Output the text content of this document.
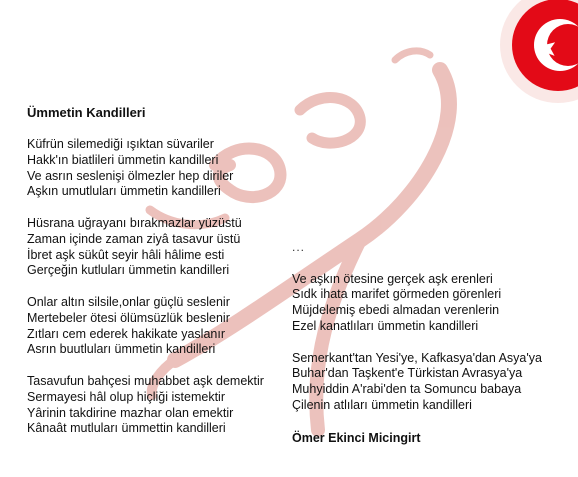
Ümmetin Kandilleri
Küfrün silemediği ışıktan süvariler
Hakk'ın biatlileri ümmetin kandilleri
Ve asrın seslenişi ölmezler hep diriler
Aşkın umutluları ümmetin kandilleri
Hüsrana uğrayanı bırakmazlar yüzüstü
Zaman içinde zaman ziyâ tasavur üstü
İbret aşk sükût seyir hâli hâlime esti
Gerçeğin kutluları ümmetin kandilleri
Onlar altın silsile,onlar güçlü seslenir
Mertebeler ötesi ölümsüzlük beslenir
Zıtları cem ederek hakikate yaslanır
Asrın buutluları ümmetin kandilleri
Tasavufun bahçesi muhabbet aşk demektir
Sermayesi hâl olup hiçliği istemektir
Yârinin takdirine mazhar olan emektir
Kânaât mutluları ümmettin kandilleri
...
Ve aşkın ötesine gerçek aşk erenleri
Sıdk ihata marifet görmeden görenleri
Müjdelemiş ebedi almadan verenlerin
Ezel kanatlıları ümmetin kandilleri
Semerkant'tan Yesi'ye, Kafkasya'dan Asya'ya
Buhar'dan Taşkent'e Türkistan Avrasya'ya
Muhyiddin A'rabi'den ta Somuncu babaya
Çilenin atlıları ümmetin kandilleri
Ömer Ekinci Micingirt
